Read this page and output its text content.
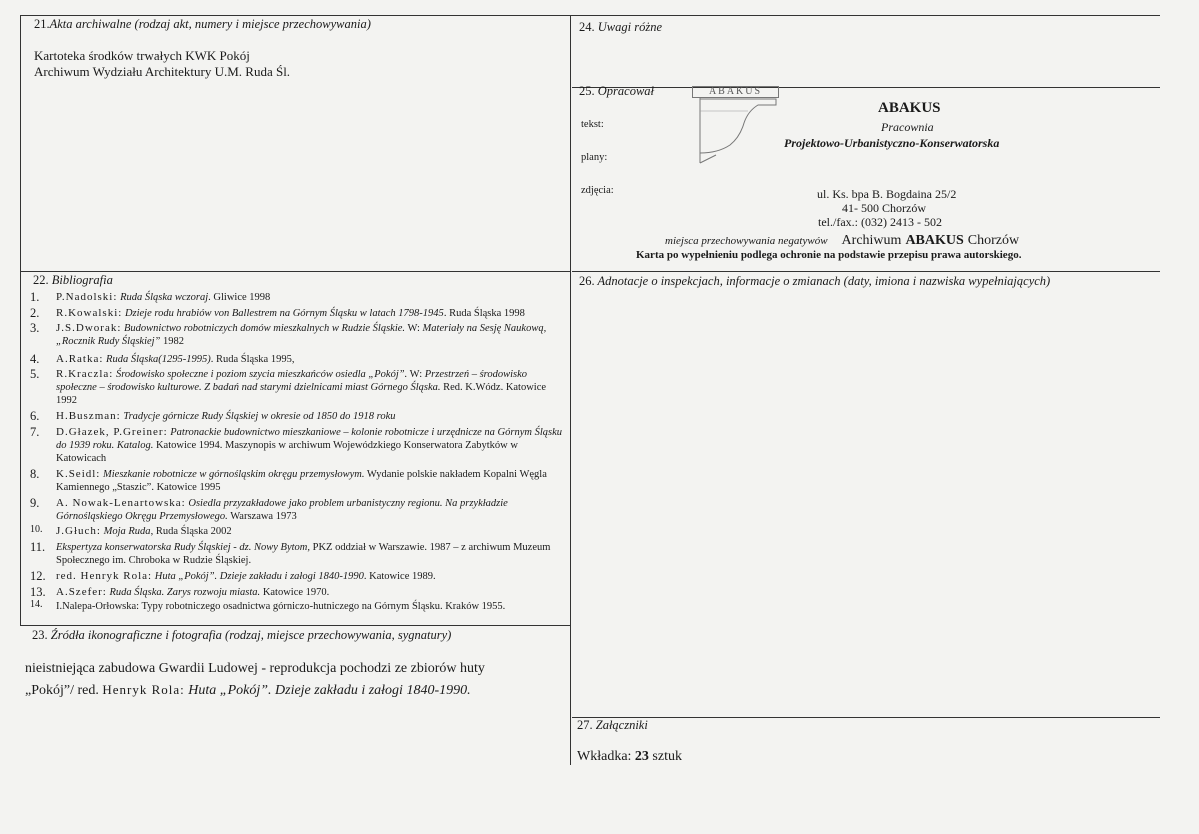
21.Akta archiwalne (rodzaj akt, numery i miejsce przechowywania)
Kartoteka środków trwałych KWK Pokój
Archiwum Wydziału Architektury U.M. Ruda Śl.
24. Uwagi różne
25. Opracował
tekst:
plany:
zdjęcia:
ABAKUS
ABAKUS
Pracownia
Projektowo-Urbanistyczno-Konserwatorska
ul. Ks. bpa B. Bogdaina 25/2
41- 500 Chorzów
tel./fax.: (032) 2413 - 502
miejsca przechowywania negatywów Archiwum ABAKUS Chorzów
Karta po wypełnieniu podlega ochronie na podstawie przepisu prawa autorskiego.
22. Bibliografia
1. P.Nadolski: Ruda Śląska wczoraj. Gliwice 1998
2. R.Kowalski: Dzieje rodu hrabiów von Ballestrem na Górnym Śląsku w latach 1798-1945. Ruda Śląska 1998
3. J.S.Dworak: Budownictwo robotniczych domów mieszkalnych w Rudzie Śląskie. W: Materiały na Sesję Naukową, „Rocznik Rudy Śląskiej” 1982
4. A.Ratka: Ruda Śląska(1295-1995). Ruda Śląska 1995,
5. R.Kraczla: Środowisko społeczne i poziom szycia mieszkańców osiedla „Pokój”. W: Przestrzeń – środowisko społeczne – środowisko kulturowe. Z badań nad starymi dzielnicami miast Górnego Śląska. Red. K.Wódz. Katowice 1992
6. H.Buszman: Tradycje górnicze Rudy Śląskiej w okresie od 1850 do 1918 roku
7. D.Głazek, P.Greiner: Patronackie budownictwo mieszkaniowe – kolonie robotnicze i urzędnicze na Górnym Śląsku do 1939 roku. Katalog. Katowice 1994. Maszynopis w archiwum Wojewódzkiego Konserwatora Zabytków w Katowicach
8. K.Seidl: Mieszkanie robotnicze w górnośląskim okręgu przemysłowym. Wydanie polskie nakładem Kopalni Węgla Kamiennego „Staszic”. Katowice 1995
9. A. Nowak-Lenartowska: Osiedla przyzakładowe jako problem urbanistyczny regionu. Na przykładzie Górnośląskiego Okręgu Przemysłowego. Warszawa 1973
10. J.Głuch: Moja Ruda, Ruda Śląska 2002
11. Ekspertyza konserwatorska Rudy Śląskiej - dz. Nowy Bytom, PKZ oddział w Warszawie. 1987 – z archiwum Muzeum Społecznego im. Chroboka w Rudzie Śląskiej.
12. red. Henryk Rola: Huta „Pokój”. Dzieje zakładu i załogi 1840-1990. Katowice 1989.
13. A.Szefer: Ruda Śląska. Zarys rozwoju miasta. Katowice 1970.
14. I.Nalepa-Orłowska: Typy robotniczego osadnictwa górniczo-hutniczego na Górnym Śląsku. Kraków 1955.
23. Źródła ikonograficzne i fotografia (rodzaj, miejsce przechowywania, sygnatury)
nieistniejąca zabudowa Gwardii Ludowej - reprodukcja pochodzi ze zbiorów huty
„Pokój”/ red. Henryk Rola: Huta „Pokój”. Dzieje zakładu i załogi 1840-1990.
26. Adnotacje o inspekcjach, informacje o zmianach (daty, imiona i nazwiska wypełniających)
27. Załączniki
Wkładka: 23 sztuk
